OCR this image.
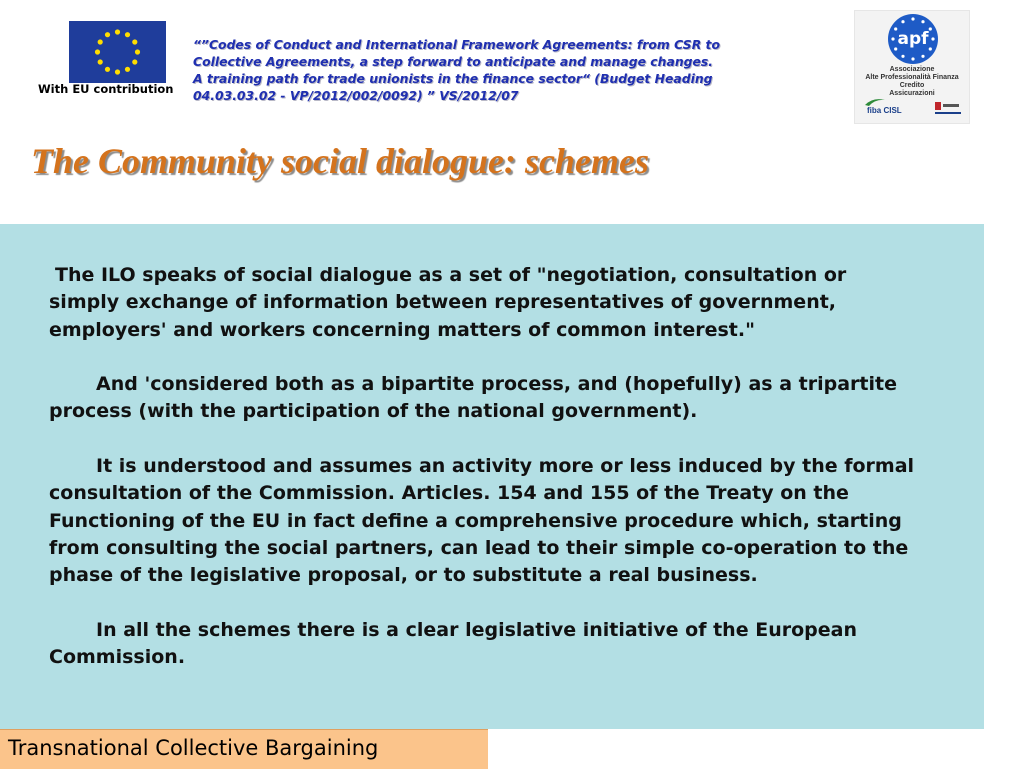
With EU contribution
“”Codes of Conduct and International Framework Agreements: from CSR to
Collective Agreements, a step forward to anticipate and manage changes.
A training path for trade unionists in the finance sector“ (Budget Heading
04.03.03.02 - VP/2012/002/0092) ” VS/2012/07
apf
Associazione
Alte Professionalità Finanza
Credito
Assicurazioni
fiba CISL
The Community social dialogue: schemes
The ILO speaks of social dialogue as a set of "negotiation, consultation or
simply exchange of information between representatives of government,
employers' and workers concerning matters of common interest."
And 'considered both as a bipartite process, and (hopefully) as a tripartite
process (with the participation of the national government).
It is understood and assumes an activity more or less induced by the formal
consultation of the Commission. Articles. 154 and 155 of the Treaty on the
Functioning of the EU in fact define a comprehensive procedure which, starting
from consulting the social partners, can lead to their simple co-operation to the
phase of the legislative proposal, or to substitute a real business.
In all the schemes there is a clear legislative initiative of the European
Commission.
Transnational Collective Bargaining
